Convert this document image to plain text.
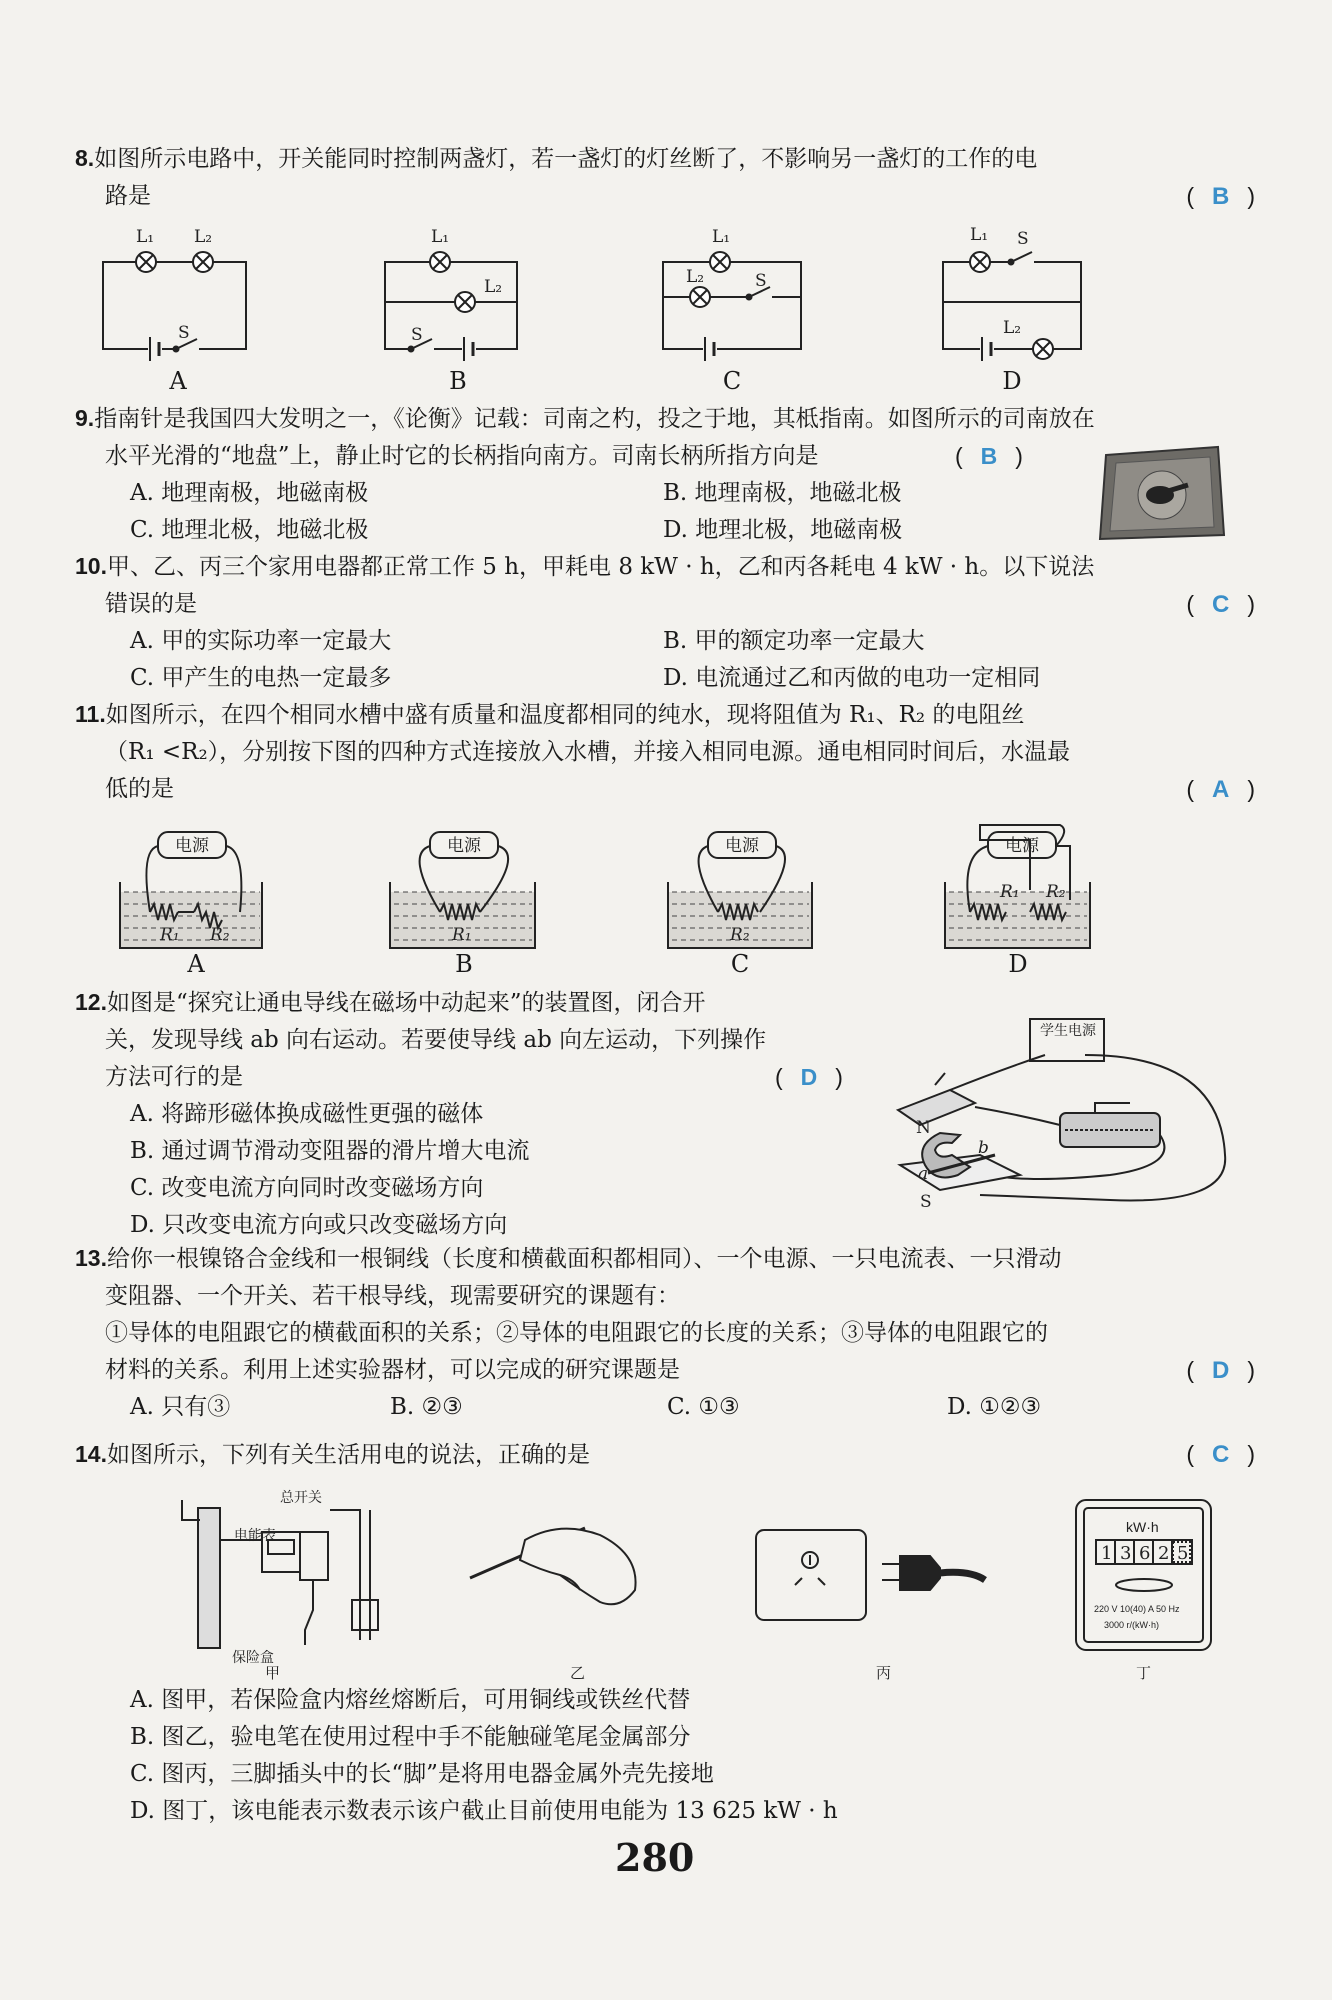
8.如图所示电路中，开关能同时控制两盏灯，若一盏灯的灯丝断了，不影响另一盏灯的工作的电
路是	( B )
L₁ L₂
S
L₁
L₂
S
L₁
L₂	S
L₁ S
L₂
A	B	C	D
9.指南针是我国四大发明之一，《论衡》记载：司南之杓，投之于地，其柢指南。如图所示的司南放在
水平光滑的“地盘”上，静止时它的长柄指向南方。司南长柄所指方向是	( B )
A. 地理南极，地磁南极	B. 地理南极，地磁北极
C. 地理北极，地磁北极	D. 地理北极，地磁南极
10.甲、乙、丙三个家用电器都正常工作 5 h，甲耗电 8 kW · h，乙和丙各耗电 4 kW · h。以下说法
错误的是	( C )
A. 甲的实际功率一定最大	B. 甲的额定功率一定最大
C. 甲产生的电热一定最多	D. 电流通过乙和丙做的电功一定相同
11.如图所示，在四个相同水槽中盛有质量和温度都相同的纯水，现将阻值为 R₁、R₂ 的电阻丝
（R₁ <R₂），分别按下图的四种方式连接放入水槽，并接入相同电源。通电相同时间后，水温最
低的是	( A )
电源	电源	电源	电源
R₁ R₂	R₁	R₂
R₁ R₂
A	B	C	D
12.如图是“探究让通电导线在磁场中动起来”的装置图，闭合开
关，发现导线 ab 向右运动。若要使导线 ab 向左运动，下列操作
方法可行的是	( D )
A. 将蹄形磁体换成磁性更强的磁体
B. 通过调节滑动变阻器的滑片增大电流
C. 改变电流方向同时改变磁场方向
D. 只改变电流方向或只改变磁场方向
学生电源
N
S
a
b
13.给你一根镍铬合金线和一根铜线（长度和横截面积都相同）、一个电源、一只电流表、一只滑动
变阻器、一个开关、若干根导线，现需要研究的课题有：
①导体的电阻跟它的横截面积的关系；②导体的电阻跟它的长度的关系；③导体的电阻跟它的
材料的关系。利用上述实验器材，可以完成的研究课题是	( D )
A. 只有③	B. ②③	C. ①③	D. ①②③
14.如图所示，下列有关生活用电的说法，正确的是	( C )
总开关
电能表
保险盒
kW·h
1 3 6 2 5
220 V 10(40) A 50 Hz
3000 r/(kW·h)
甲	乙	丙	丁
A. 图甲，若保险盒内熔丝熔断后，可用铜线或铁丝代替
B. 图乙，验电笔在使用过程中手不能触碰笔尾金属部分
C. 图丙，三脚插头中的长“脚”是将用电器金属外壳先接地
D. 图丁，该电能表示数表示该户截止目前使用电能为 13 625 kW · h
280
